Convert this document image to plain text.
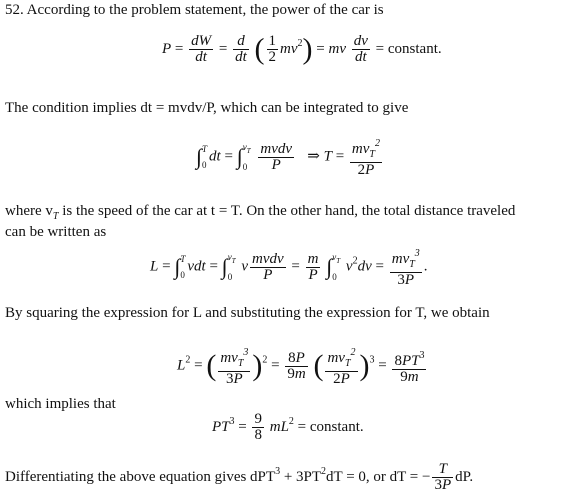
52. According to the problem statement, the power of the car is
$P = \frac{dW}{dt} = \frac{d}{dt}$ ( $\frac{1}{2} mv^2$) = mv $\frac{dv}{dt}$ = constant.
The condition implies dt = mvdv/P, which can be integrated to give
∫ T
0
dt = ∫ $v_T$
0
$\frac{\text{mvdv}}{P}$ ⇒ $T = \frac{mv_T^2}{2P}$
where $v_T$ is the speed of the car at t = T. On the other hand, the total distance traveled
can be written as
L = ∫ T
0
vdt = ∫ $v_T$
0
v $\frac{\text{mvdv}}{P} = \frac{m}{P}$ ∫ $v_T$
0
$v^2dv = \frac{mv_T^3}{3P}$ .
By squaring the expression for L and substituting the expression for T, we obtain
$L^2$ = ( $\frac{mv_T^3}{3P} )^2 = \frac{8P}{9m}$ ( $\frac{mv_T^2}{2P} )^3 = \frac{8PT^3}{9m}$
which implies that
$PT^3 = \frac{9}{8} mL^2$ = constant.
Differentiating the above equation gives $dPT^3 + 3PT^2dT = 0$, or dT = − $\frac{T}{3P}$ dP.
